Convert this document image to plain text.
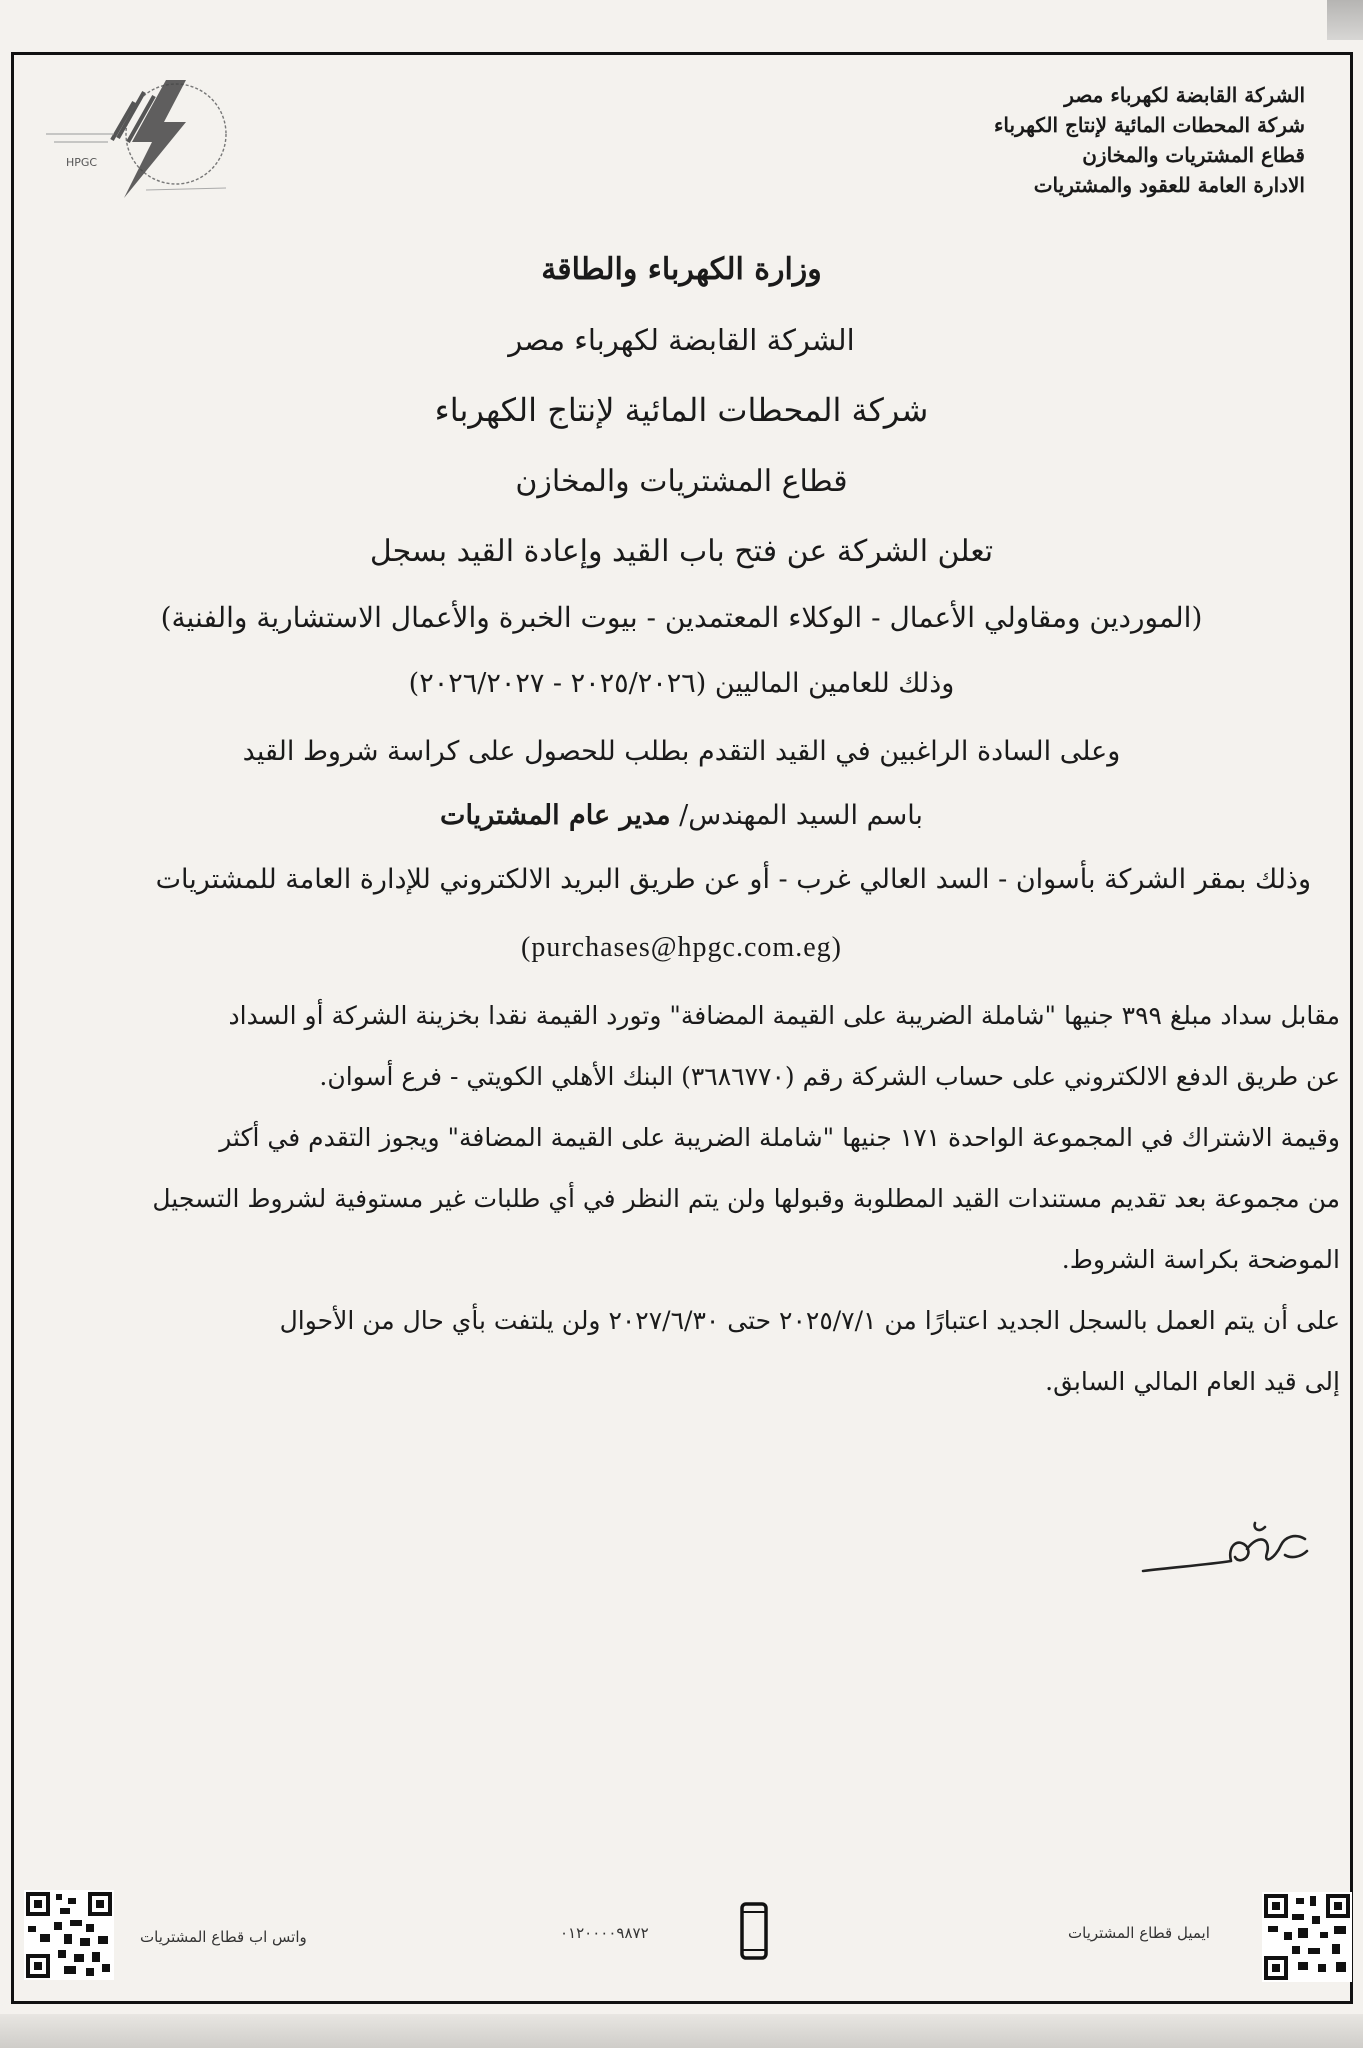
HPGC
الشركة القابضة لكهرباء مصر
شركة المحطات المائية لإنتاج الكهرباء
قطاع المشتريات والمخازن
الادارة العامة للعقود والمشتريات
وزارة الكهرباء والطاقة
الشركة القابضة لكهرباء مصر
شركة المحطات المائية لإنتاج الكهرباء
قطاع المشتريات والمخازن
تعلن الشركة عن فتح باب القيد وإعادة القيد بسجل
(الموردين ومقاولي الأعمال - الوكلاء المعتمدين - بيوت الخبرة والأعمال الاستشارية والفنية)
وذلك للعامين الماليين (٢٠٢٥/٢٠٢٦ - ٢٠٢٦/٢٠٢٧)
وعلى السادة الراغبين في القيد التقدم بطلب للحصول على كراسة شروط القيد
باسم السيد المهندس/ مدير عام المشتريات
وذلك بمقر الشركة بأسوان - السد العالي غرب - أو عن طريق البريد الالكتروني للإدارة العامة للمشتريات
(purchases@hpgc.com.eg)
مقابل سداد مبلغ ٣٩٩ جنيها "شاملة الضريبة على القيمة المضافة" وتورد القيمة نقدا بخزينة الشركة أو السداد
عن طريق الدفع الالكتروني على حساب الشركة رقم (٣٦٨٦٧٧٠) البنك الأهلي الكويتي - فرع أسوان.
وقيمة الاشتراك في المجموعة الواحدة ١٧١ جنيها "شاملة الضريبة على القيمة المضافة" ويجوز التقدم في أكثر
من مجموعة بعد تقديم مستندات القيد المطلوبة وقبولها ولن يتم النظر في أي طلبات غير مستوفية لشروط التسجيل
الموضحة بكراسة الشروط.
على أن يتم العمل بالسجل الجديد اعتبارًا من ٢٠٢٥/٧/١ حتى ٢٠٢٧/٦/٣٠ ولن يلتفت بأي حال من الأحوال
إلى قيد العام المالي السابق.
واتس اب قطاع المشتريات	٠١٢٠٠٠٠٩٨٧٢	ايميل قطاع المشتريات
